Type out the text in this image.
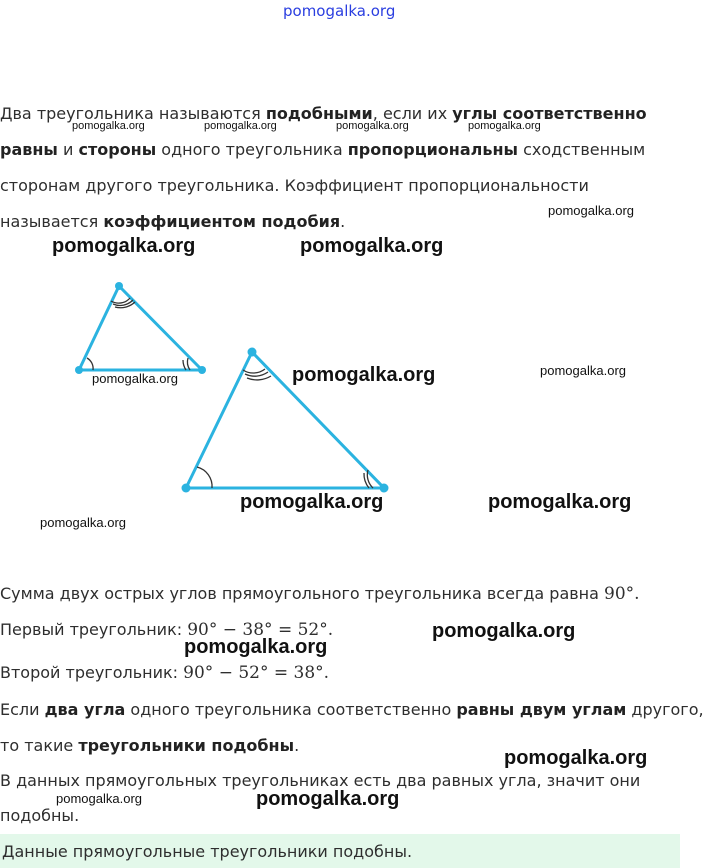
pomogalka.org
Два треугольника называются подобными, если их углы соответственно
равны и стороны одного треугольника пропорциональны сходственным
сторонам другого треугольника. Коэффициент пропорциональности
называется коэффициентом подобия.
Сумма двух острых углов прямоугольного треугольника всегда равна 90°.
Первый треугольник: 90° − 38° = 52°.
Второй треугольник: 90° − 52° = 38°.
Если два угла одного треугольника соответственно равны двум углам другого,
то такие треугольники подобны.
В данных прямоугольных треугольниках есть два равных угла, значит они
подобны.
Данные прямоугольные треугольники подобны.
pomogalka.org	pomogalka.org	pomogalka.org	pomogalka.org
pomogalka.org
pomogalka.org	pomogalka.org
pomogalka.org	pomogalka.org	pomogalka.org
pomogalka.org	pomogalka.org
pomogalka.org
pomogalka.org
pomogalka.org
pomogalka.org
pomogalka.org	pomogalka.org
